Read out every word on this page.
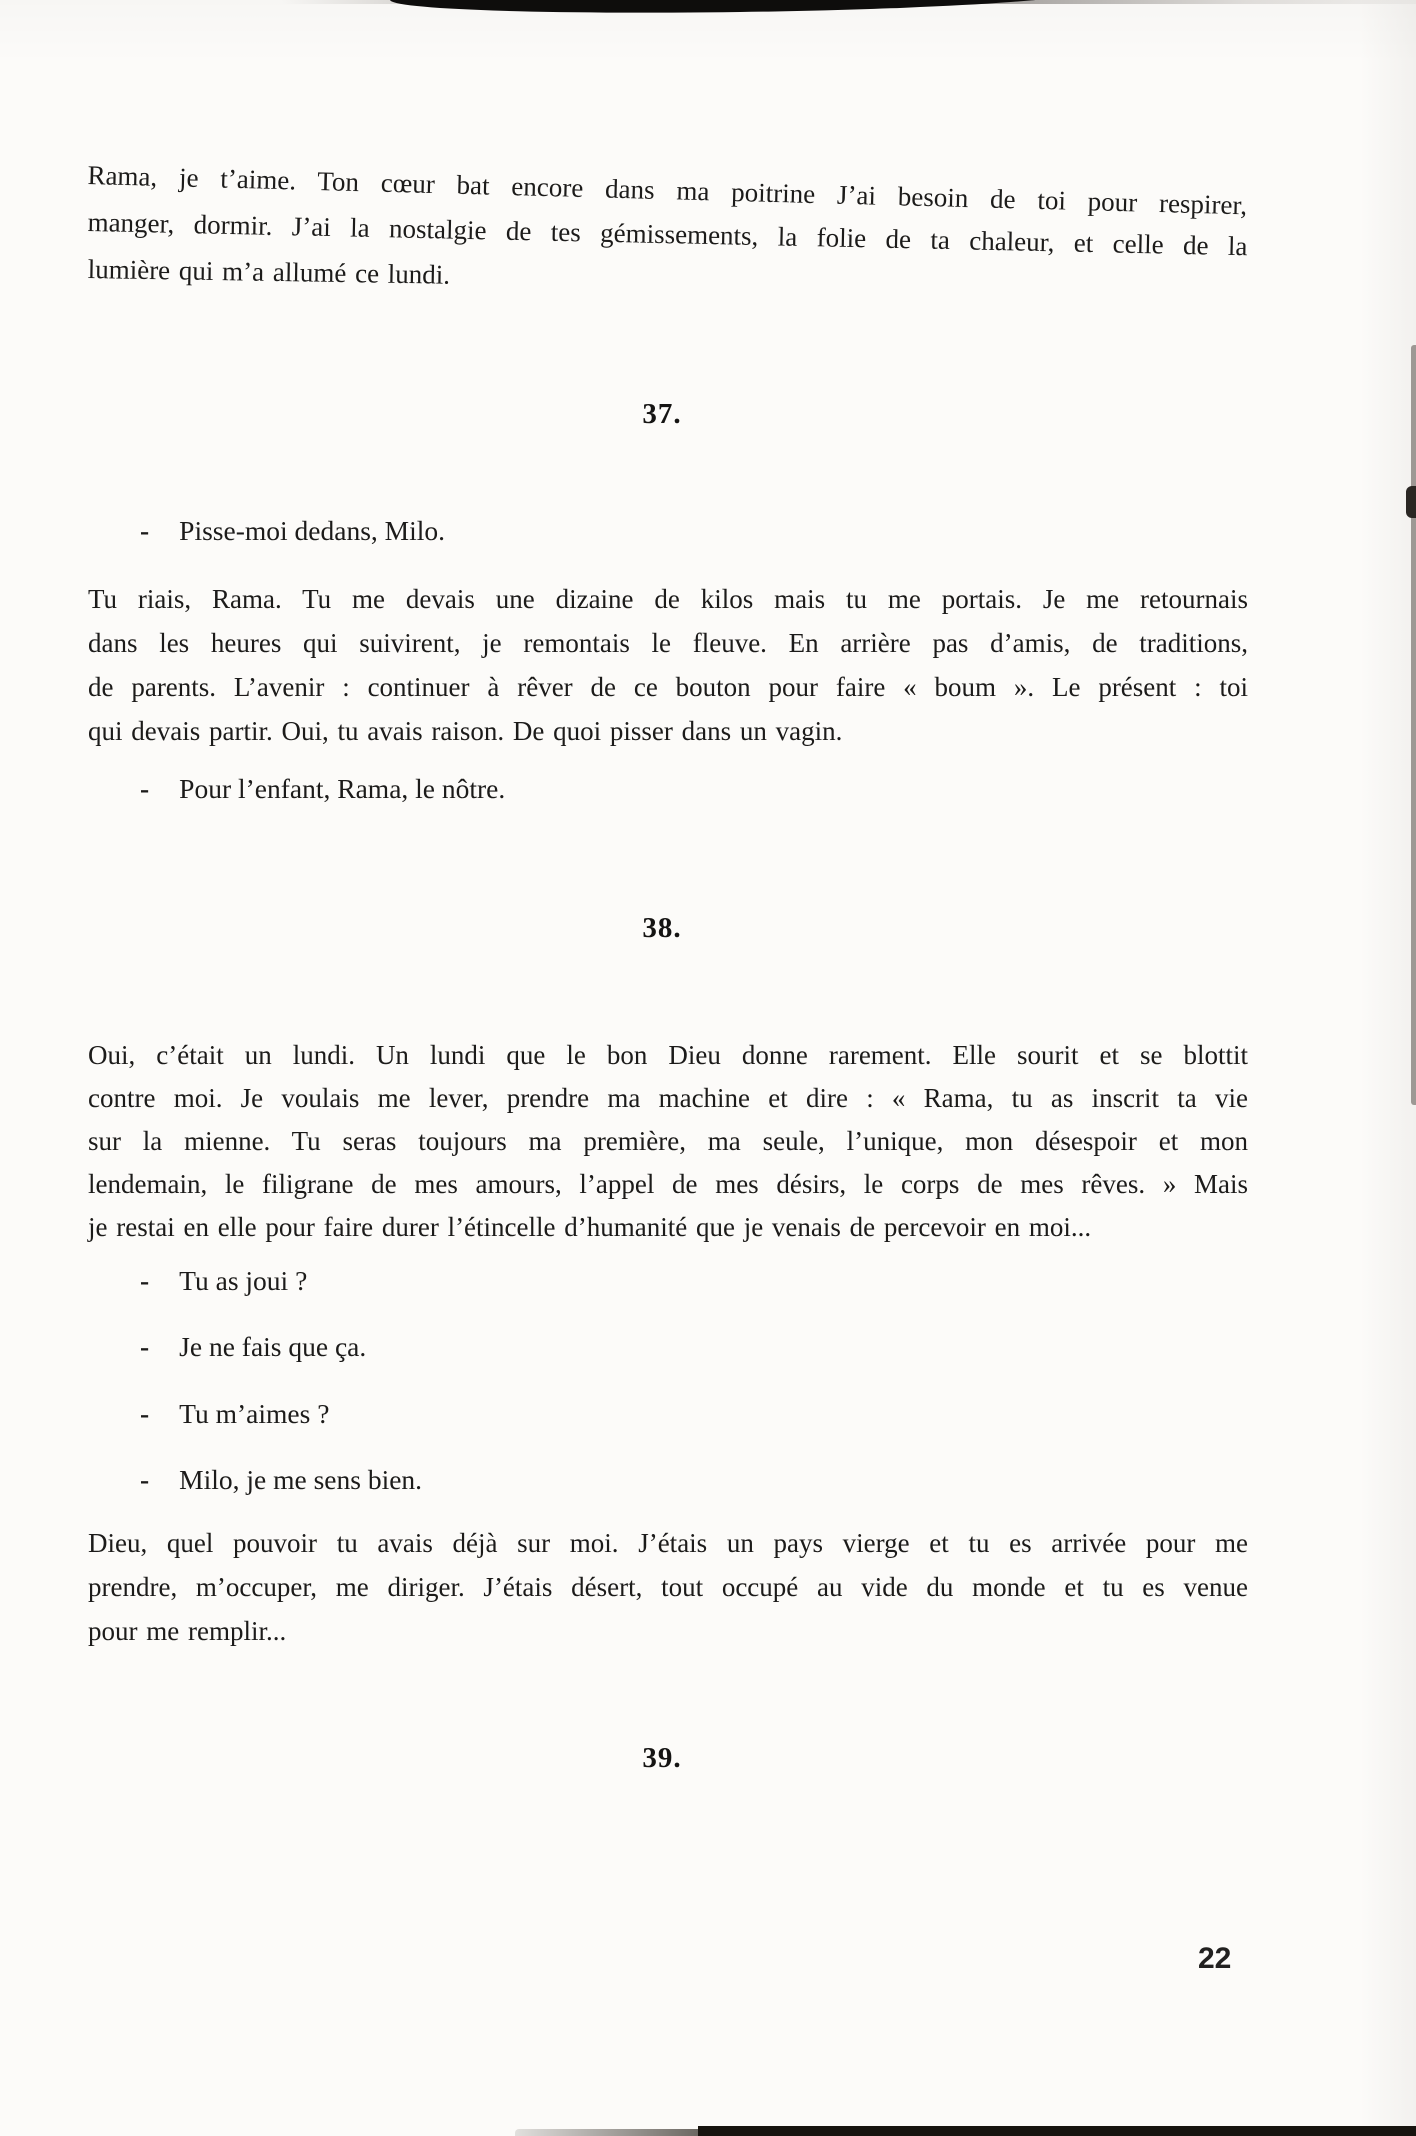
Rama, je t’aime. Ton cœur bat encore dans ma poitrine J’ai besoin de toi pour respirer,
manger, dormir. J’ai la nostalgie de tes gémissements, la folie de ta chaleur, et celle de la
lumière qui m’a allumé ce lundi.
37.
- Pisse-moi dedans, Milo.
Tu riais, Rama. Tu me devais une dizaine de kilos mais tu me portais. Je me retournais
dans les heures qui suivirent, je remontais le fleuve. En arrière pas d’amis, de traditions,
de parents. L’avenir : continuer à rêver de ce bouton pour faire « boum ». Le présent : toi
qui devais partir. Oui, tu avais raison. De quoi pisser dans un vagin.
- Pour l’enfant, Rama, le nôtre.
38.
Oui, c’était un lundi. Un lundi que le bon Dieu donne rarement. Elle sourit et se blottit
contre moi. Je voulais me lever, prendre ma machine et dire : « Rama, tu as inscrit ta vie
sur la mienne. Tu seras toujours ma première, ma seule, l’unique, mon désespoir et mon
lendemain, le filigrane de mes amours, l’appel de mes désirs, le corps de mes rêves. » Mais
je restai en elle pour faire durer l’étincelle d’humanité que je venais de percevoir en moi...
- Tu as joui ?
- Je ne fais que ça.
- Tu m’aimes ?
- Milo, je me sens bien.
Dieu, quel pouvoir tu avais déjà sur moi. J’étais un pays vierge et tu es arrivée pour me
prendre, m’occuper, me diriger. J’étais désert, tout occupé au vide du monde et tu es venue
pour me remplir...
39.
22
